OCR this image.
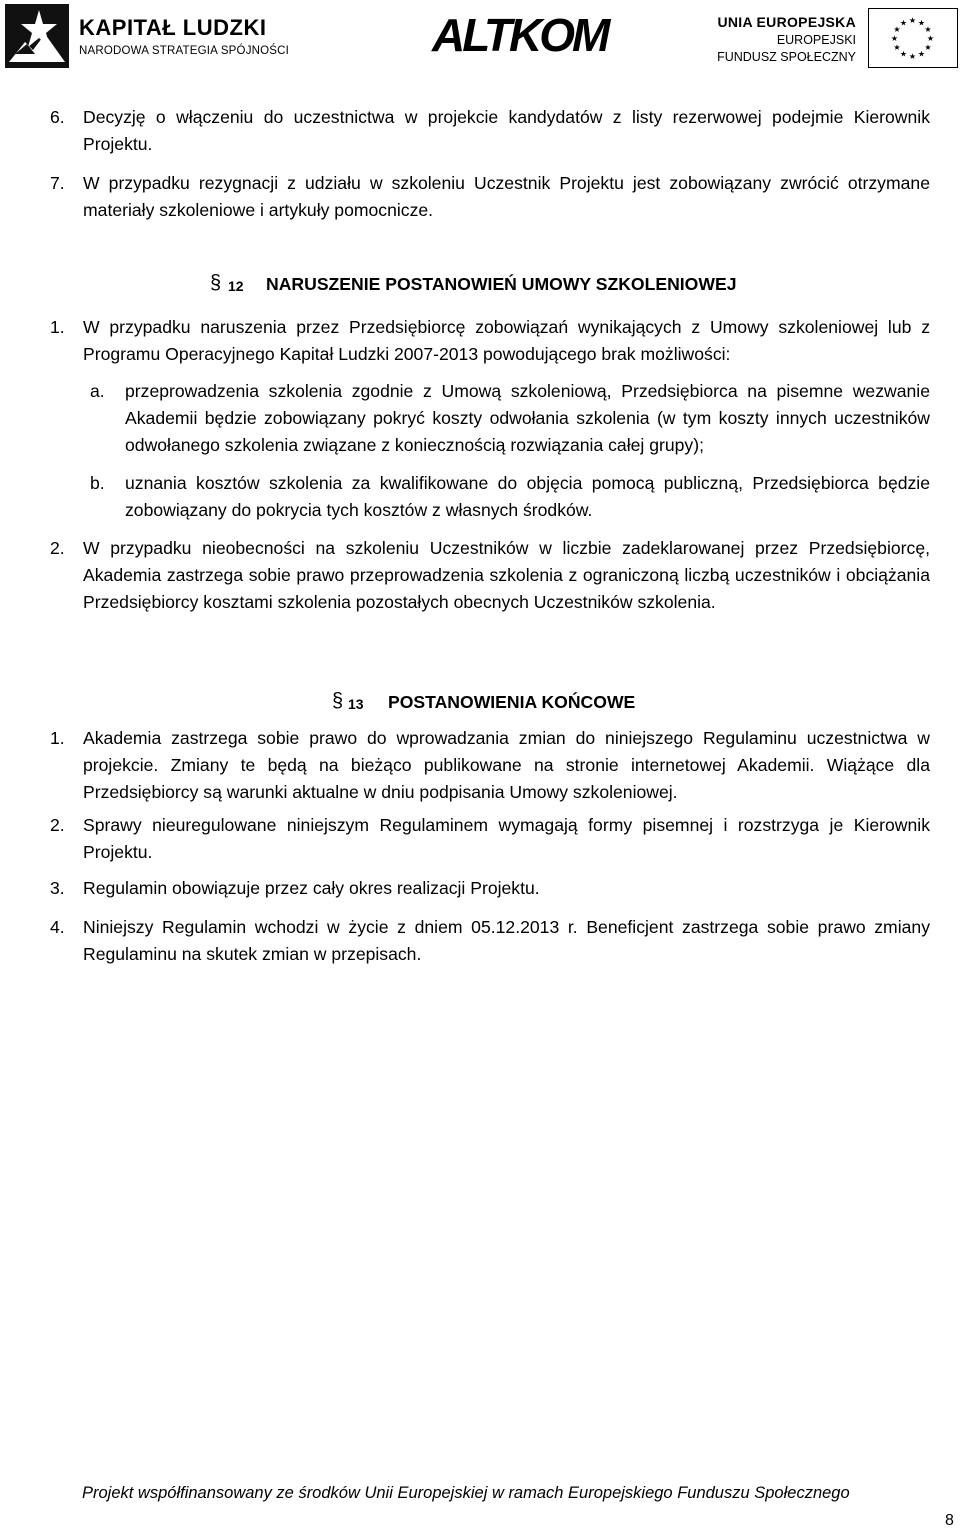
KAPITAŁ LUDZKI
NARODOWA STRATEGIA SPÓJNOŚCI	ALTKOM	UNIA EUROPEJSKA
EUROPEJSKI
FUNDUSZ SPOŁECZNY
★ ★
★
★
★
★
★
★
★
★
★
★
6. Decyzję o włączeniu do uczestnictwa w projekcie kandydatów z listy rezerwowej podejmie Kierownik Projektu.
7. W przypadku rezygnacji z udziału w szkoleniu Uczestnik Projektu jest zobowiązany zwrócić otrzymane materiały szkoleniowe i artykuły pomocnicze.
§ 12 NARUSZENIE POSTANOWIEŃ UMOWY SZKOLENIOWEJ
1. W przypadku naruszenia przez Przedsiębiorcę zobowiązań wynikających z Umowy szkoleniowej lub z Programu Operacyjnego Kapitał Ludzki 2007-2013 powodującego brak możliwości:
a. przeprowadzenia szkolenia zgodnie z Umową szkoleniową, Przedsiębiorca na pisemne wezwanie Akademii będzie zobowiązany pokryć koszty odwołania szkolenia (w tym koszty innych uczestników odwołanego szkolenia związane z koniecznością rozwiązania całej grupy);
b. uznania kosztów szkolenia za kwalifikowane do objęcia pomocą publiczną, Przedsiębiorca będzie zobowiązany do pokrycia tych kosztów z własnych środków.
2. W przypadku nieobecności na szkoleniu Uczestników w liczbie zadeklarowanej przez Przedsiębiorcę, Akademia zastrzega sobie prawo przeprowadzenia szkolenia z ograniczoną liczbą uczestników i obciążania Przedsiębiorcy kosztami szkolenia pozostałych obecnych Uczestników szkolenia.
§ 13 POSTANOWIENIA KOŃCOWE
1. Akademia zastrzega sobie prawo do wprowadzania zmian do niniejszego Regulaminu uczestnictwa w projekcie. Zmiany te będą na bieżąco publikowane na stronie internetowej Akademii. Wiążące dla Przedsiębiorcy są warunki aktualne w dniu podpisania Umowy szkoleniowej.
2. Sprawy nieuregulowane niniejszym Regulaminem wymagają formy pisemnej i rozstrzyga je Kierownik Projektu.
3. Regulamin obowiązuje przez cały okres realizacji Projektu.
4. Niniejszy Regulamin wchodzi w życie z dniem 05.12.2013 r. Beneficjent zastrzega sobie prawo zmiany Regulaminu na skutek zmian w przepisach.
Projekt współfinansowany ze środków Unii Europejskiej w ramach Europejskiego Funduszu Społecznego
8
